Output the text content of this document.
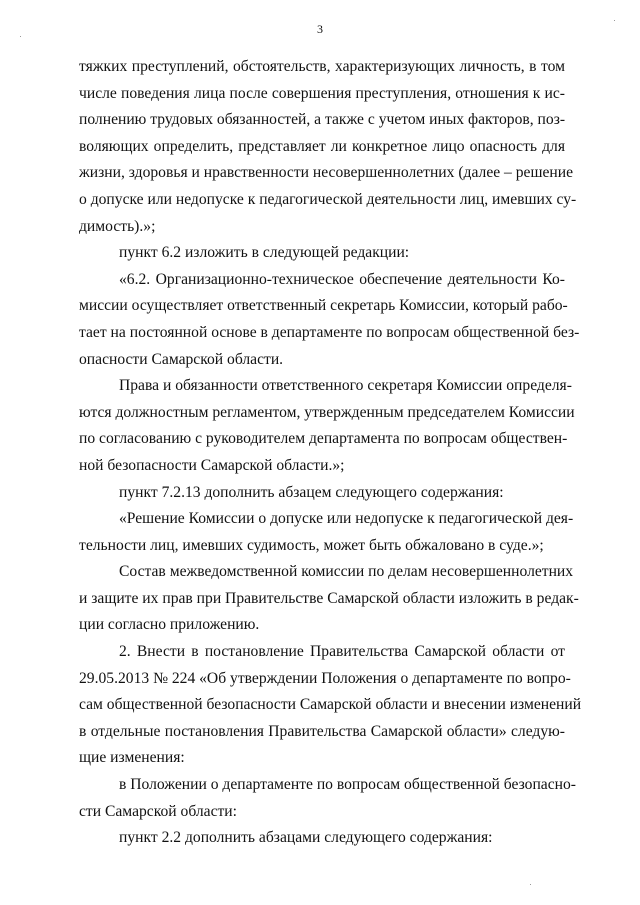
3
тяжких преступлений, обстоятельств, характеризующих личность, в том
числе поведения лица после совершения преступления, отношения к ис-
полнению трудовых обязанностей, а также с учетом иных факторов, поз-
воляющих определить, представляет ли конкретное лицо опасность для
жизни, здоровья и нравственности несовершеннолетних (далее – решение
о допуске или недопуске к педагогической деятельности лиц, имевших су-
димость).»;
пункт 6.2 изложить в следующей редакции:
«6.2. Организационно-техническое обеспечение деятельности Ко-
миссии осуществляет ответственный секретарь Комиссии, который рабо-
тает на постоянной основе в департаменте по вопросам общественной без-
опасности Самарской области.
Права и обязанности ответственного секретаря Комиссии определя-
ются должностным регламентом, утвержденным председателем Комиссии
по согласованию с руководителем департамента по вопросам обществен-
ной безопасности Самарской области.»;
пункт 7.2.13 дополнить абзацем следующего содержания:
«Решение Комиссии о допуске или недопуске к педагогической дея-
тельности лиц, имевших судимость, может быть обжаловано в суде.»;
Состав межведомственной комиссии по делам несовершеннолетних
и защите их прав при Правительстве Самарской области изложить в редак-
ции согласно приложению.
2. Внести в постановление Правительства Самарской области от
29.05.2013 № 224 «Об утверждении Положения о департаменте по вопро-
сам общественной безопасности Самарской области и внесении изменений
в отдельные постановления Правительства Самарской области» следую-
щие изменения:
в Положении о департаменте по вопросам общественной безопасно-
сти Самарской области:
пункт 2.2 дополнить абзацами следующего содержания:
